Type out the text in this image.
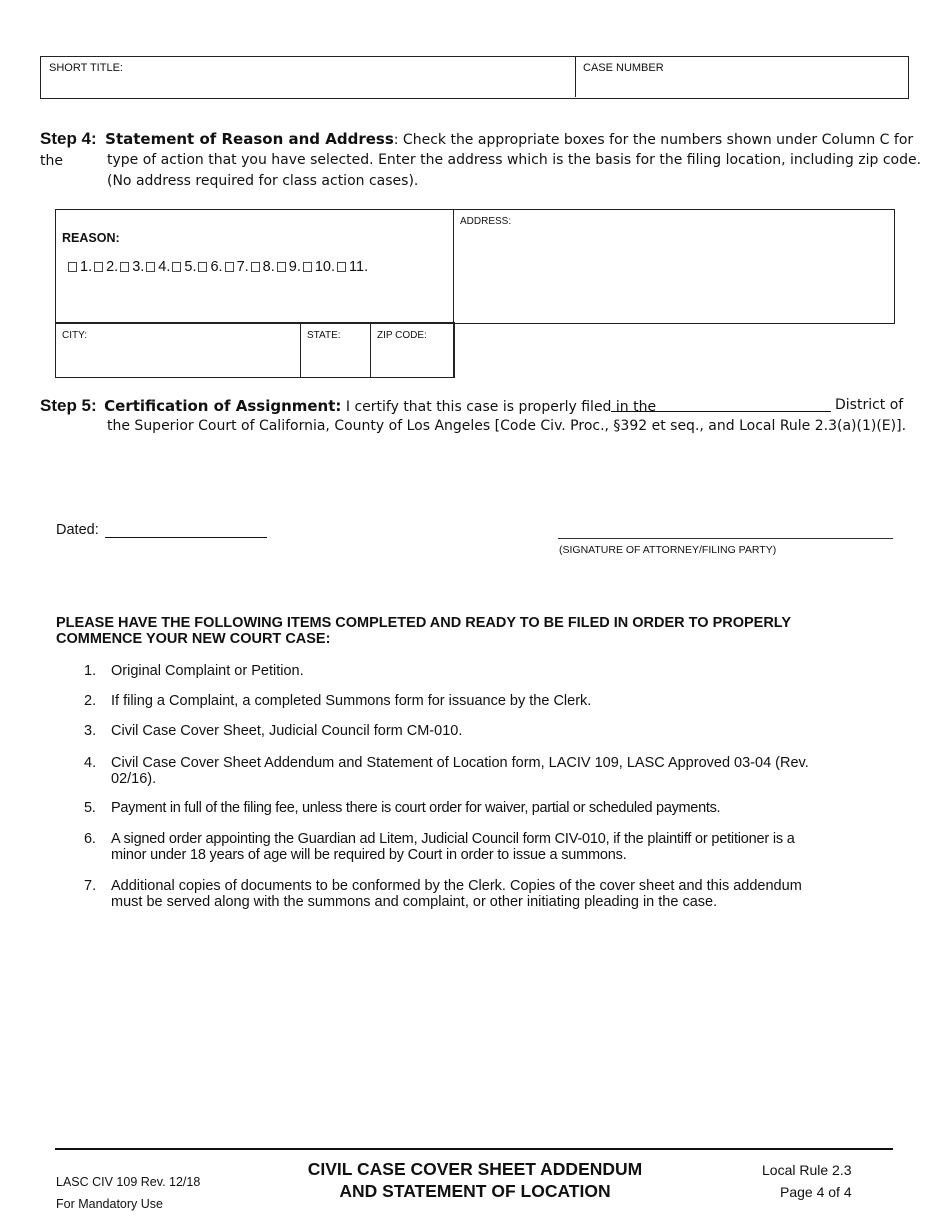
SHORT TITLE:	CASE NUMBER
Step 4: Statement of Reason and Address: Check the appropriate boxes for the numbers shown under Column C for the	type of action that you have selected. Enter the address which is the basis for the filing location, including zip code.
(No address required for class action cases).
REASON:
1. 2. 3. 4. 5. 6. 7. 8. 9. 10. 11.
ADDRESS:
CITY:	STATE:	ZIP CODE:
Step 5: Certification of Assignment: I certify that this case is properly filed in the	District of
the Superior Court of California, County of Los Angeles [Code Civ. Proc., §392 et seq., and Local Rule 2.3(a)(1)(E)].
Dated:
(SIGNATURE OF ATTORNEY/FILING PARTY)
PLEASE HAVE THE FOLLOWING ITEMS COMPLETED AND READY TO BE FILED IN ORDER TO PROPERLY
COMMENCE YOUR NEW COURT CASE:
1. Original Complaint or Petition.
2. If filing a Complaint, a completed Summons form for issuance by the Clerk.
3. Civil Case Cover Sheet, Judicial Council form CM-010.
4. Civil Case Cover Sheet Addendum and Statement of Location form, LACIV 109, LASC Approved 03-04 (Rev.
02/16).
5. Payment in full of the filing fee, unless there is court order for waiver, partial or scheduled payments.
6. A signed order appointing the Guardian ad Litem, Judicial Council form CIV-010, if the plaintiff or petitioner is a
minor under 18 years of age will be required by Court in order to issue a summons.
7. Additional copies of documents to be conformed by the Clerk. Copies of the cover sheet and this addendum
must be served along with the summons and complaint, or other initiating pleading in the case.
LASC CIV 109 Rev. 12/18
For Mandatory Use
CIVIL CASE COVER SHEET ADDENDUM
AND STATEMENT OF LOCATION
Local Rule 2.3
Page 4 of 4
